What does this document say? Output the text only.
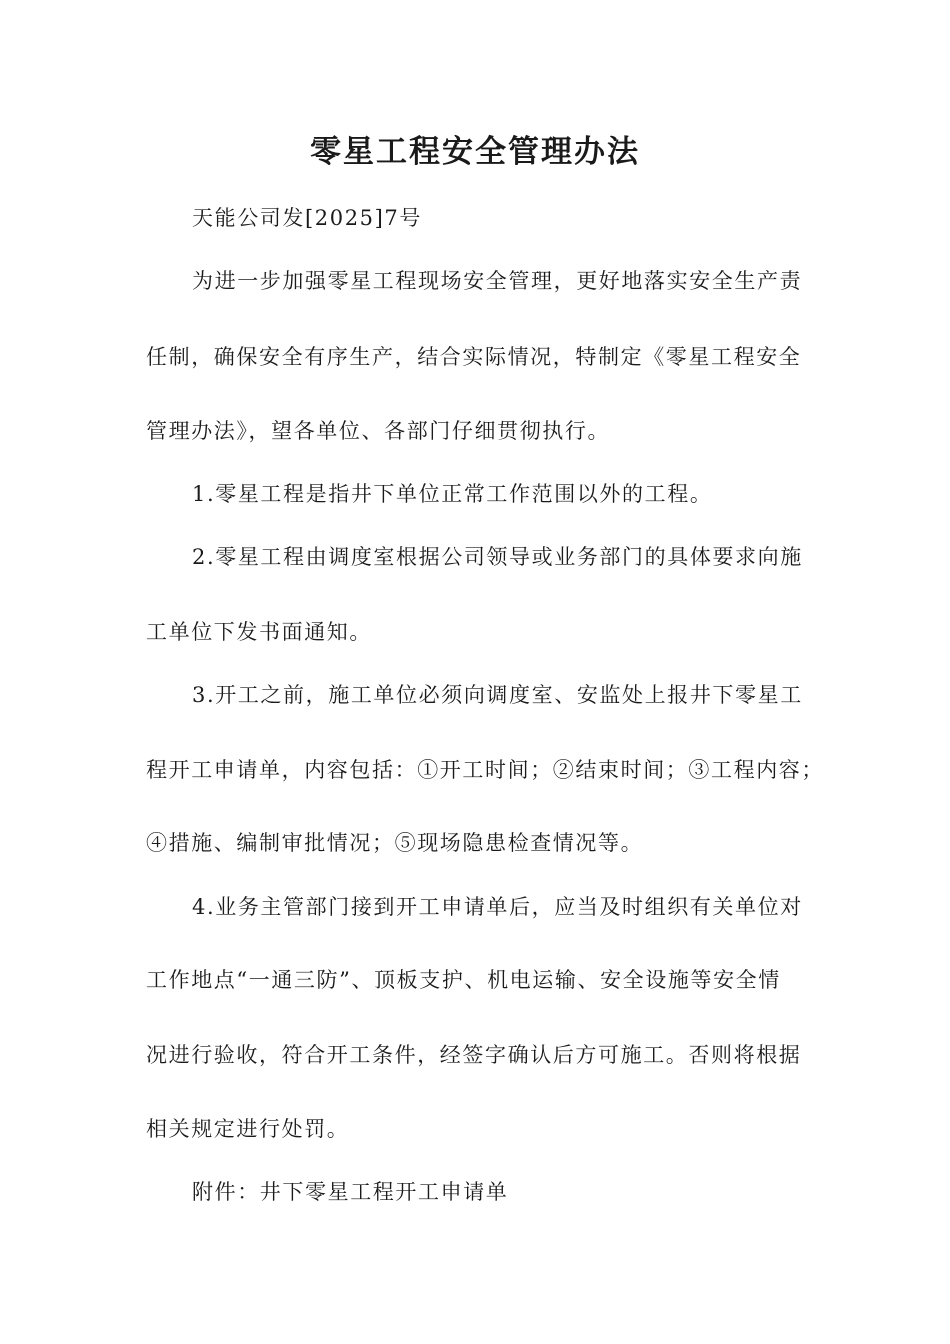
零星工程安全管理办法
天能公司发[2025]7号
为进一步加强零星工程现场安全管理，更好地落实安全生产责
任制，确保安全有序生产，结合实际情况，特制定《零星工程安全
管理办法》，望各单位、各部门仔细贯彻执行。
1.零星工程是指井下单位正常工作范围以外的工程。
2.零星工程由调度室根据公司领导或业务部门的具体要求向施
工单位下发书面通知。
3.开工之前，施工单位必须向调度室、安监处上报井下零星工
程开工申请单，内容包括：①开工时间；②结束时间；③工程内容；
④措施、编制审批情况；⑤现场隐患检查情况等。
4.业务主管部门接到开工申请单后，应当及时组织有关单位对
工作地点“一通三防”、顶板支护、机电运输、安全设施等安全情
况进行验收，符合开工条件，经签字确认后方可施工。否则将根据
相关规定进行处罚。
附件：井下零星工程开工申请单
